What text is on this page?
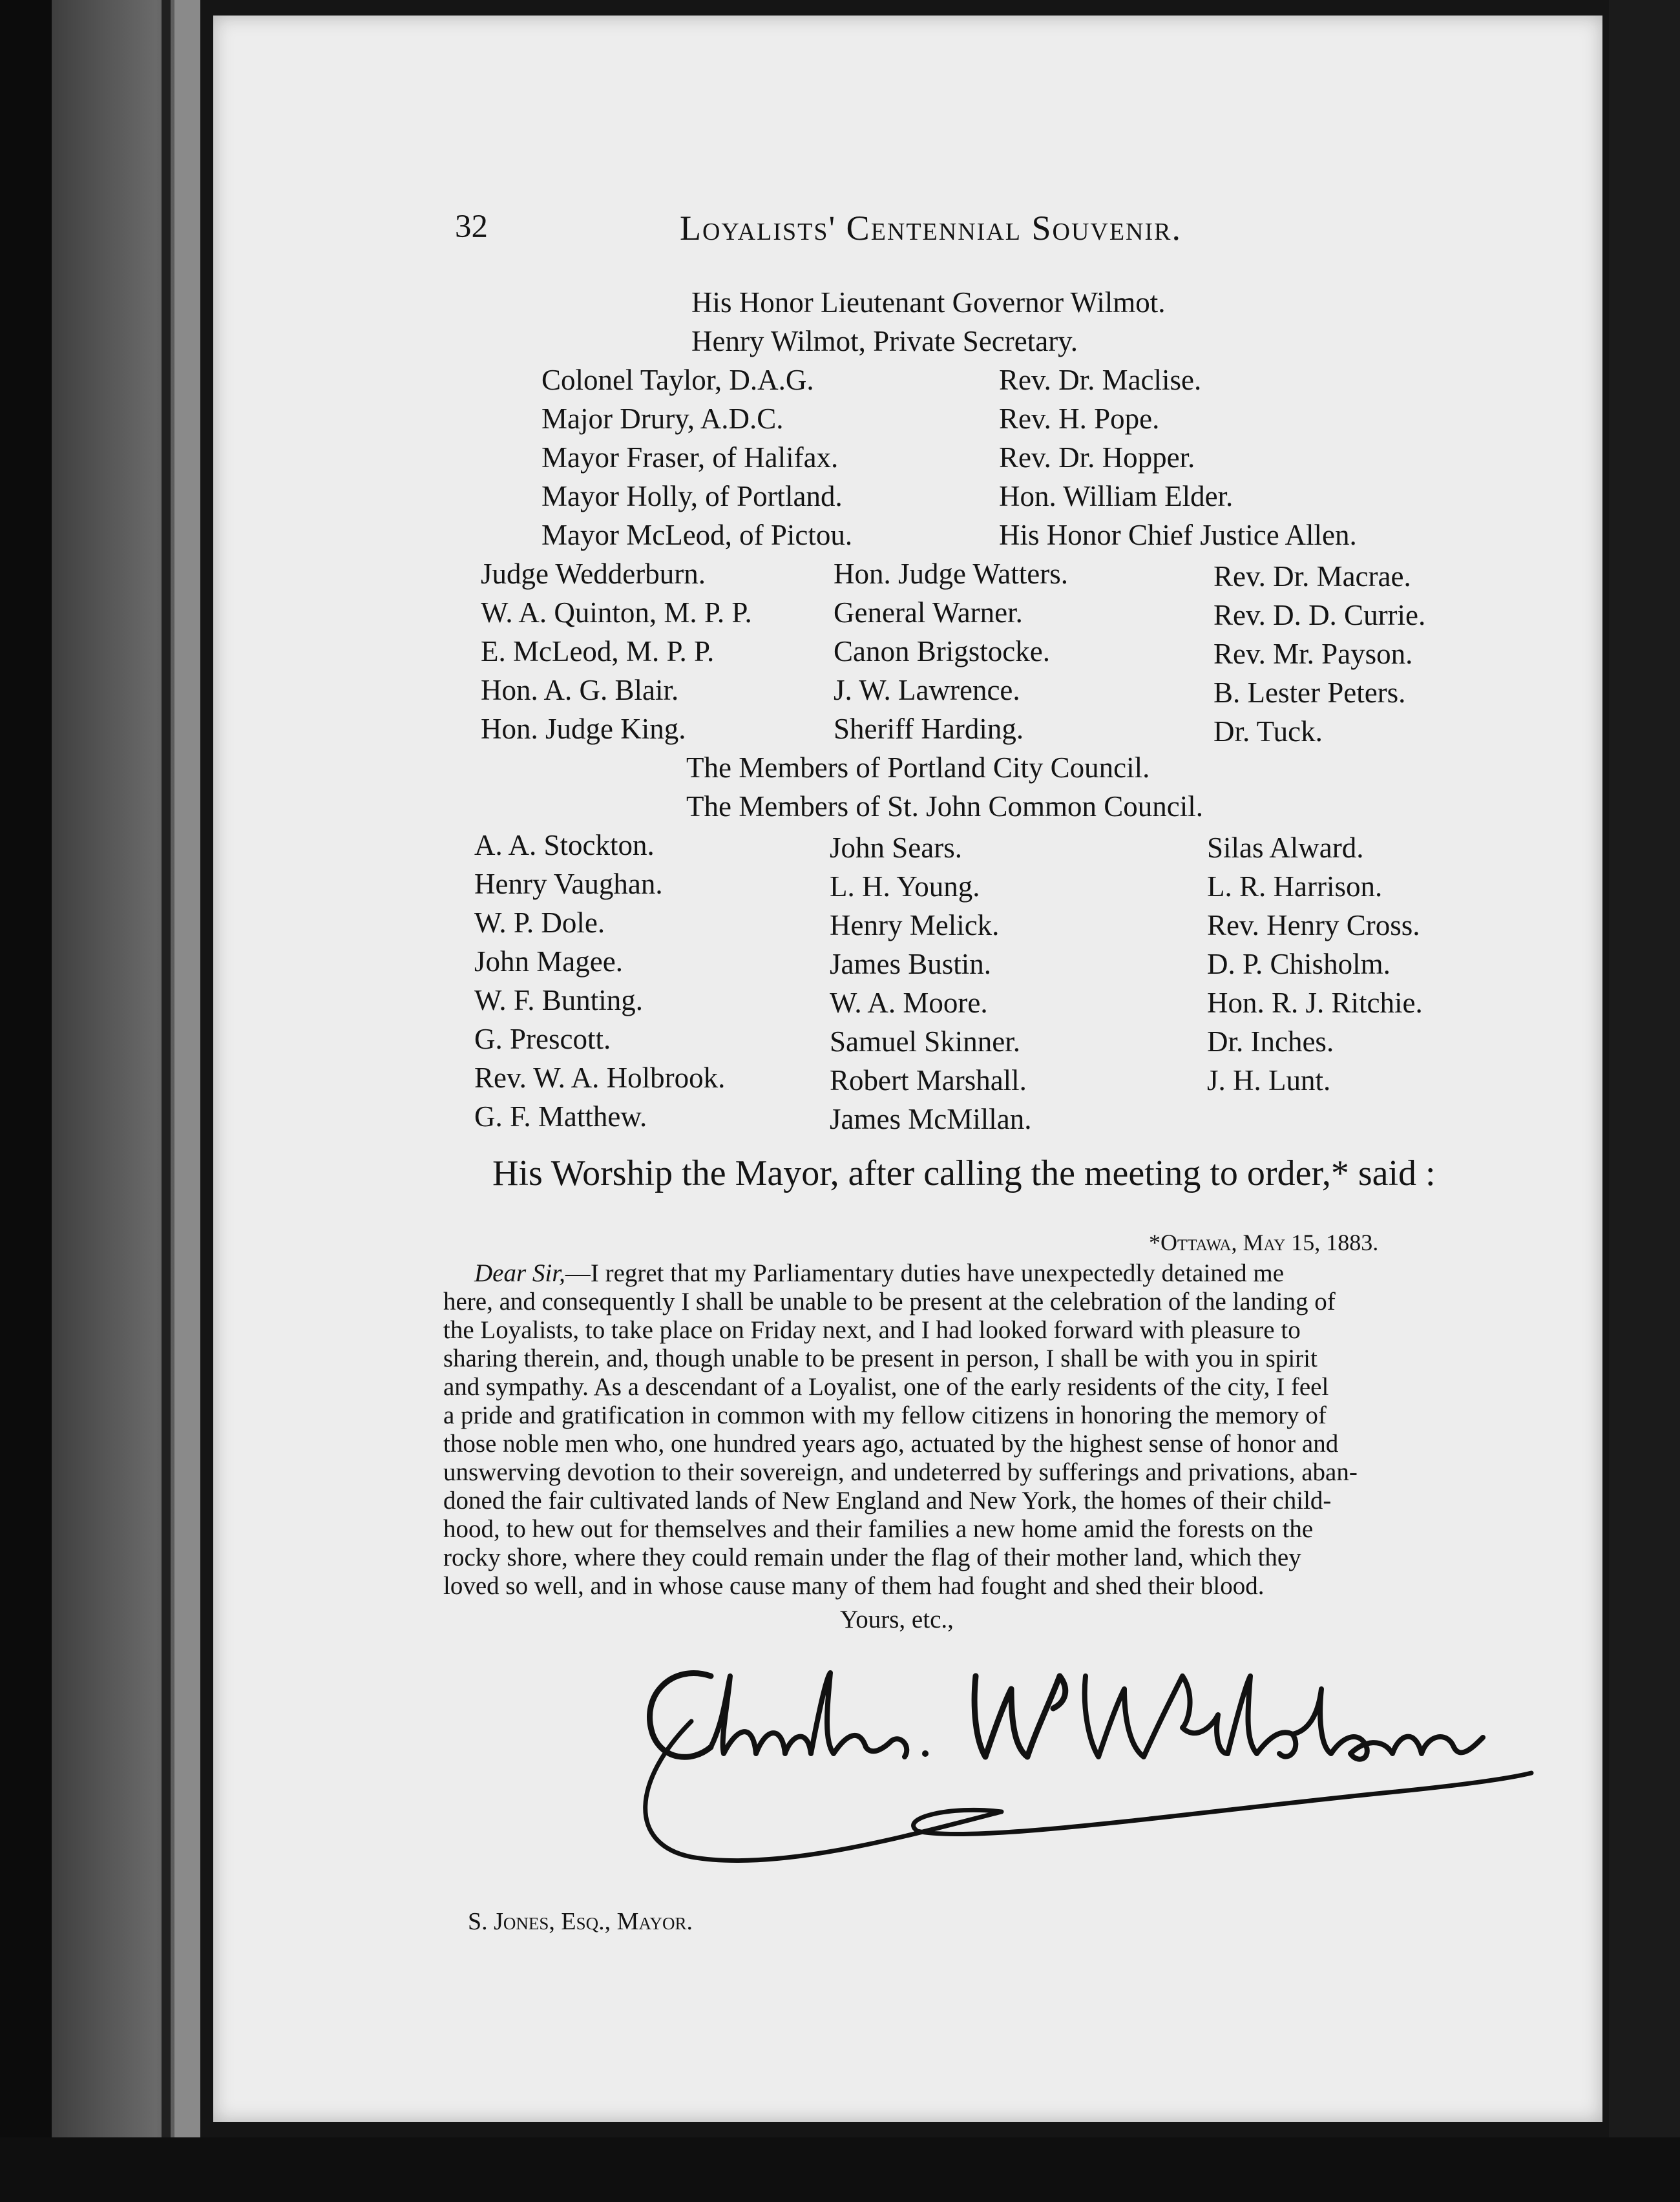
32	Loyalists' Centennial Souvenir.
His Honor Lieutenant Governor Wilmot.
Henry Wilmot, Private Secretary.
Colonel Taylor, D.A.G.
Major Drury, A.D.C.
Mayor Fraser, of Halifax.
Mayor Holly, of Portland.
Mayor McLeod, of Pictou.
Rev. Dr. Maclise.
Rev. H. Pope.
Rev. Dr. Hopper.
Hon. William Elder.
His Honor Chief Justice Allen.
Judge Wedderburn.
W. A. Quinton, M. P. P.
E. McLeod, M. P. P.
Hon. A. G. Blair.
Hon. Judge King.
Hon. Judge Watters.
General Warner.
Canon Brigstocke.
J. W. Lawrence.
Sheriff Harding.
Rev. Dr. Macrae.
Rev. D. D. Currie.
Rev. Mr. Payson.
B. Lester Peters.
Dr. Tuck.
The Members of Portland City Council.
The Members of St. John Common Council.
A. A. Stockton.
Henry Vaughan.
W. P. Dole.
John Magee.
W. F. Bunting.
G. Prescott.
Rev. W. A. Holbrook.
G. F. Matthew.
John Sears.
L. H. Young.
Henry Melick.
James Bustin.
W. A. Moore.
Samuel Skinner.
Robert Marshall.
James McMillan.
Silas Alward.
L. R. Harrison.
Rev. Henry Cross.
D. P. Chisholm.
Hon. R. J. Ritchie.
Dr. Inches.
J. H. Lunt.
His Worship the Mayor, after calling the meeting to order,* said :
*Ottawa, May 15, 1883.
Dear Sir,—I regret that my Parliamentary duties have unexpectedly detained me
here, and consequently I shall be unable to be present at the celebration of the landing of
the Loyalists, to take place on Friday next, and I had looked forward with pleasure to
sharing therein, and, though unable to be present in person, I shall be with you in spirit
and sympathy. As a descendant of a Loyalist, one of the early residents of the city, I feel
a pride and gratification in common with my fellow citizens in honoring the memory of
those noble men who, one hundred years ago, actuated by the highest sense of honor and
unswerving devotion to their sovereign, and undeterred by sufferings and privations, aban-
doned the fair cultivated lands of New England and New York, the homes of their child-
hood, to hew out for themselves and their families a new home amid the forests on the
rocky shore, where they could remain under the flag of their mother land, which they
loved so well, and in whose cause many of them had fought and shed their blood.
Yours, etc.,
S. Jones, Esq., Mayor.
